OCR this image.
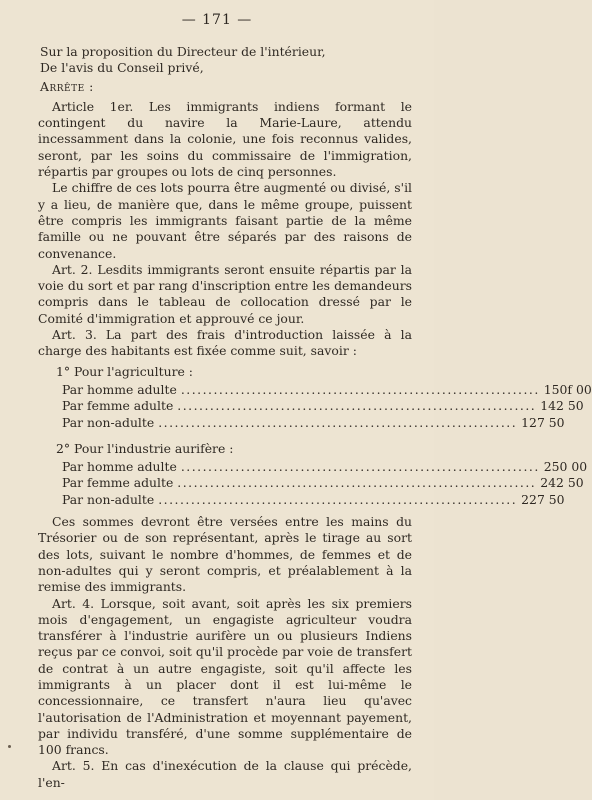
— 171 —

Sur la proposition du Directeur de l'intérieur,

De l'avis du Conseil privé,

Arrête :

Article 1er. Les immigrants indiens formant le contingent du navire la Marie-Laure, attendu incessamment dans la colonie, une fois reconnus valides, seront, par les soins du commissaire de l'immigration, répartis par groupes ou lots de cinq personnes.

Le chiffre de ces lots pourra être augmenté ou divisé, s'il y a lieu, de manière que, dans le même groupe, puissent être compris les immigrants faisant partie de la même famille ou ne pouvant être séparés par des raisons de convenance.

Art. 2. Lesdits immigrants seront ensuite répartis par la voie du sort et par rang d'inscription entre les demandeurs compris dans le tableau de collocation dressé par le Comité d'immigration et approuvé ce jour.

Art. 3. La part des frais d'introduction laissée à la charge des habitants est fixée comme suit, savoir :

1° Pour l'agriculture :

Par homme adulte .................................................................. 150f 00
Par femme adulte .................................................................. 142 50
Par non-adulte .................................................................. 127 50

2° Pour l'industrie aurifère :

Par homme adulte .................................................................. 250 00
Par femme adulte .................................................................. 242 50
Par non-adulte .................................................................. 227 50

Ces sommes devront être versées entre les mains du Trésorier ou de son représentant, après le tirage au sort des lots, suivant le nombre d'hommes, de femmes et de non-adultes qui y seront compris, et préalablement à la remise des immigrants.

Art. 4. Lorsque, soit avant, soit après les six premiers mois d'engagement, un engagiste agriculteur voudra transférer à l'industrie aurifère un ou plusieurs Indiens reçus par ce convoi, soit qu'il procède par voie de transfert de contrat à un autre engagiste, soit qu'il affecte les immigrants à un placer dont il est lui-même le concessionnaire, ce transfert n'aura lieu qu'avec l'autorisation de l'Administration et moyennant payement, par individu transféré, d'une somme supplémentaire de 100 francs.

Art. 5. En cas d'inexécution de la clause qui précède, l'en-
